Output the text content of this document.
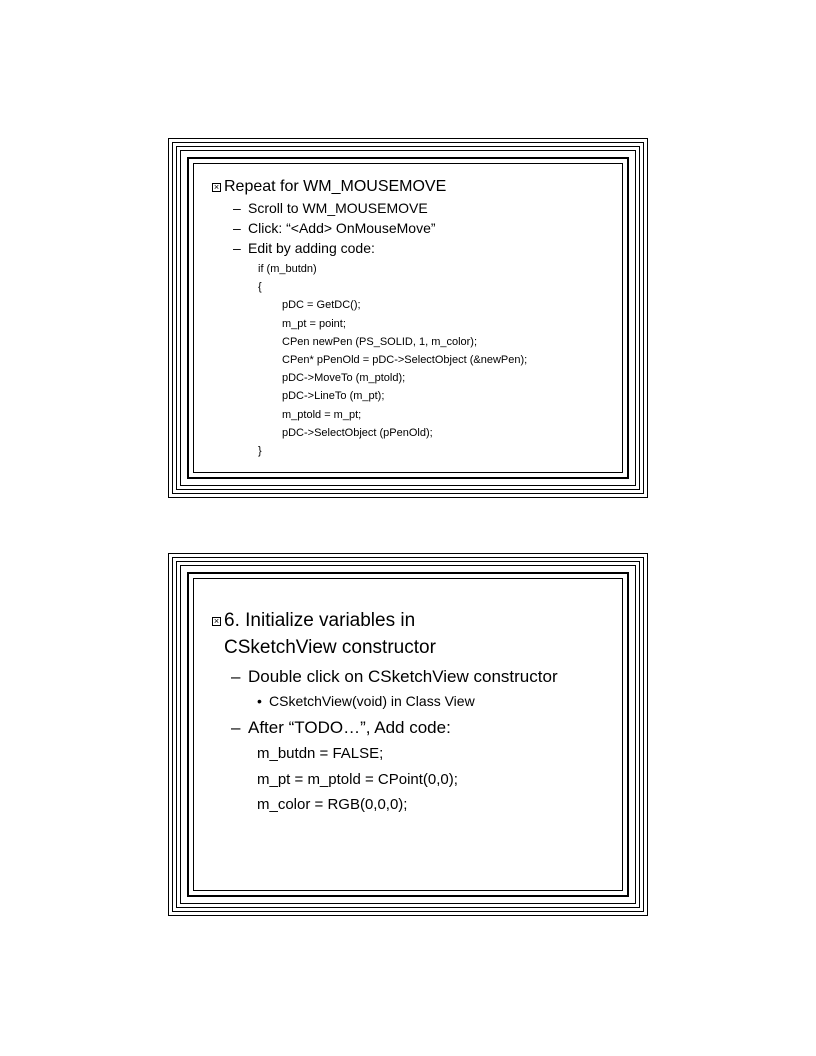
× Repeat for WM_MOUSEMOVE
– Scroll to WM_MOUSEMOVE
– Click: “<Add> OnMouseMove”
– Edit by adding code:
if (m_butdn)
{
pDC = GetDC();
m_pt = point;
CPen newPen (PS_SOLID, 1, m_color);
CPen* pPenOld = pDC->SelectObject (&newPen);
pDC->MoveTo (m_ptold);
pDC->LineTo (m_pt);
m_ptold = m_pt;
pDC->SelectObject (pPenOld);
}
× 6. Initialize variables in
CSketchView constructor
– Double click on CSketchView constructor
• CSketchView(void) in Class View
– After “TODO…”, Add code:
m_butdn = FALSE;
m_pt = m_ptold = CPoint(0,0);
m_color = RGB(0,0,0);
